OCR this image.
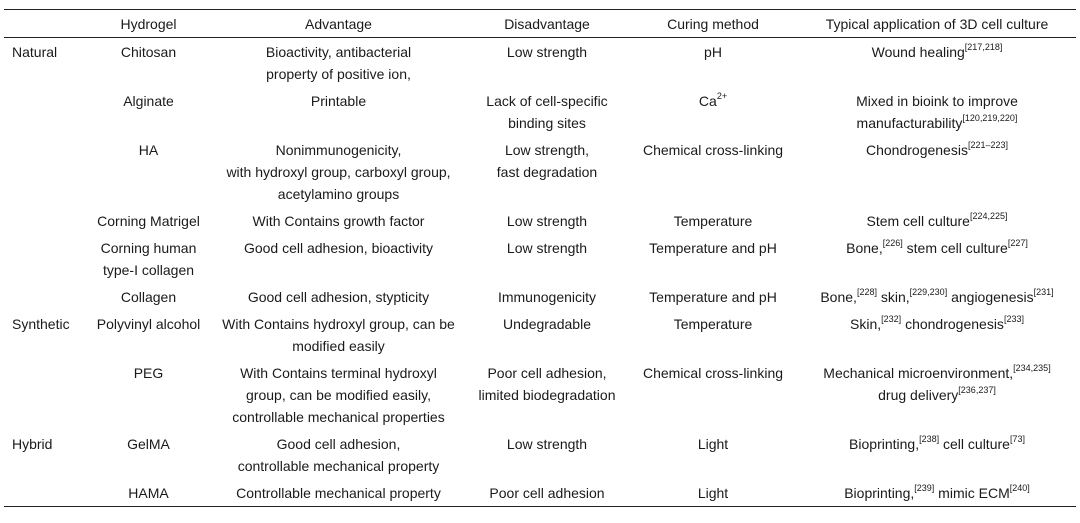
	Hydrogel	Advantage	Disadvantage	Curing method	Typical application of 3D cell culture
Natural	Chitosan	Bioactivity, antibacterial
property of positive ion,	Low strength	pH	Wound healing[217,218]

	Alginate	Printable	Lack of cell-specific
binding sites	$Ca^{2+}$	Mixed in bioink to improve
manufacturability[120,219,220]

	HA	Nonimmunogenicity,
with hydroxyl group, carboxyl group,
acetylamino groups	Low strength,
fast degradation	Chemical cross-linking	Chondrogenesis[221–223]

	Corning Matrigel	With Contains growth factor	Low strength	Temperature	Stem cell culture[224,225]

	Corning human
type-I collagen	Good cell adhesion, bioactivity	Low strength	Temperature and pH	Bone,[226] stem cell culture[227]

	Collagen	Good cell adhesion, stypticity	Immunogenicity	Temperature and pH	Bone,[228] skin,[229,230] angiogenesis[231]

Synthetic	Polyvinyl alcohol	With Contains hydroxyl group, can be
modified easily	Undegradable	Temperature	Skin,[232] chondrogenesis[233]

	PEG	With Contains terminal hydroxyl
group, can be modified easily,
controllable mechanical properties	Poor cell adhesion,
limited biodegradation	Chemical cross-linking	Mechanical microenvironment,[234,235]
drug delivery[236,237]

Hybrid	GelMA	Good cell adhesion,
controllable mechanical property	Low strength	Light	Bioprinting,[238] cell culture[73]

	HAMA	Controllable mechanical property	Poor cell adhesion	Light	Bioprinting,[239] mimic ECM[240]
